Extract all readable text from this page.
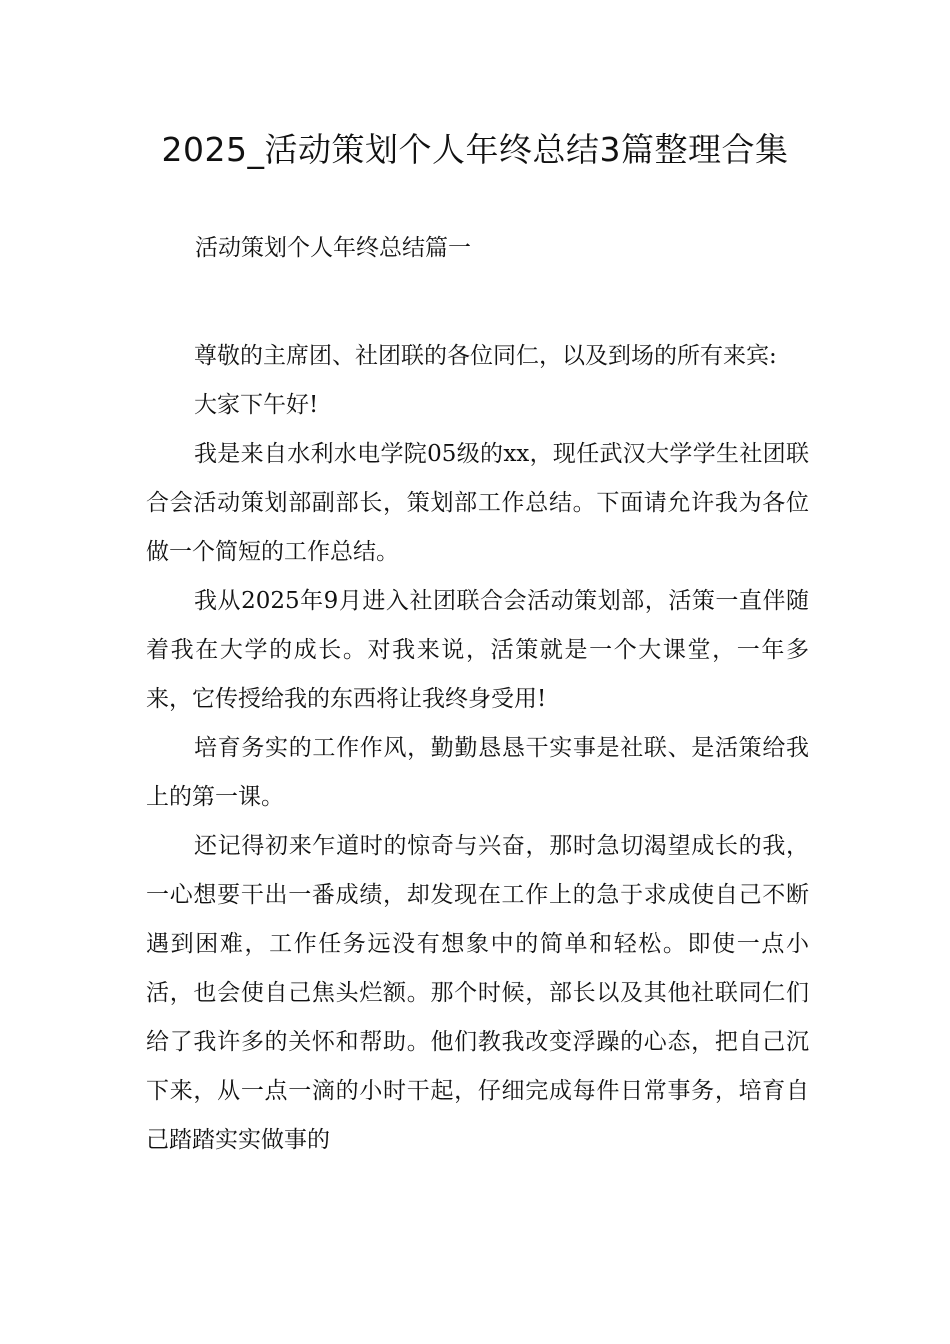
2025_活动策划个人年终总结3篇整理合集

活动策划个人年终总结篇一

尊敬的主席团、社团联的各位同仁，以及到场的所有来宾:

大家下午好!

我是来自水利水电学院05级的xx，现任武汉大学学生社团联合会活动策划部副部长，策划部工作总结。下面请允许我为各位做一个简短的工作总结。

我从2025年9月进入社团联合会活动策划部，活策一直伴随着我在大学的成长。对我来说，活策就是一个大课堂，一年多来，它传授给我的东西将让我终身受用!

培育务实的工作作风，勤勤恳恳干实事是社联、是活策给我上的第一课。

还记得初来乍道时的惊奇与兴奋，那时急切渴望成长的我，一心想要干出一番成绩，却发现在工作上的急于求成使自己不断遇到困难，工作任务远没有想象中的简单和轻松。即使一点小活，也会使自己焦头烂额。那个时候，部长以及其他社联同仁们给了我许多的关怀和帮助。他们教我改变浮躁的心态，把自己沉下来，从一点一滴的小时干起，仔细完成每件日常事务，培育自己踏踏实实做事的
